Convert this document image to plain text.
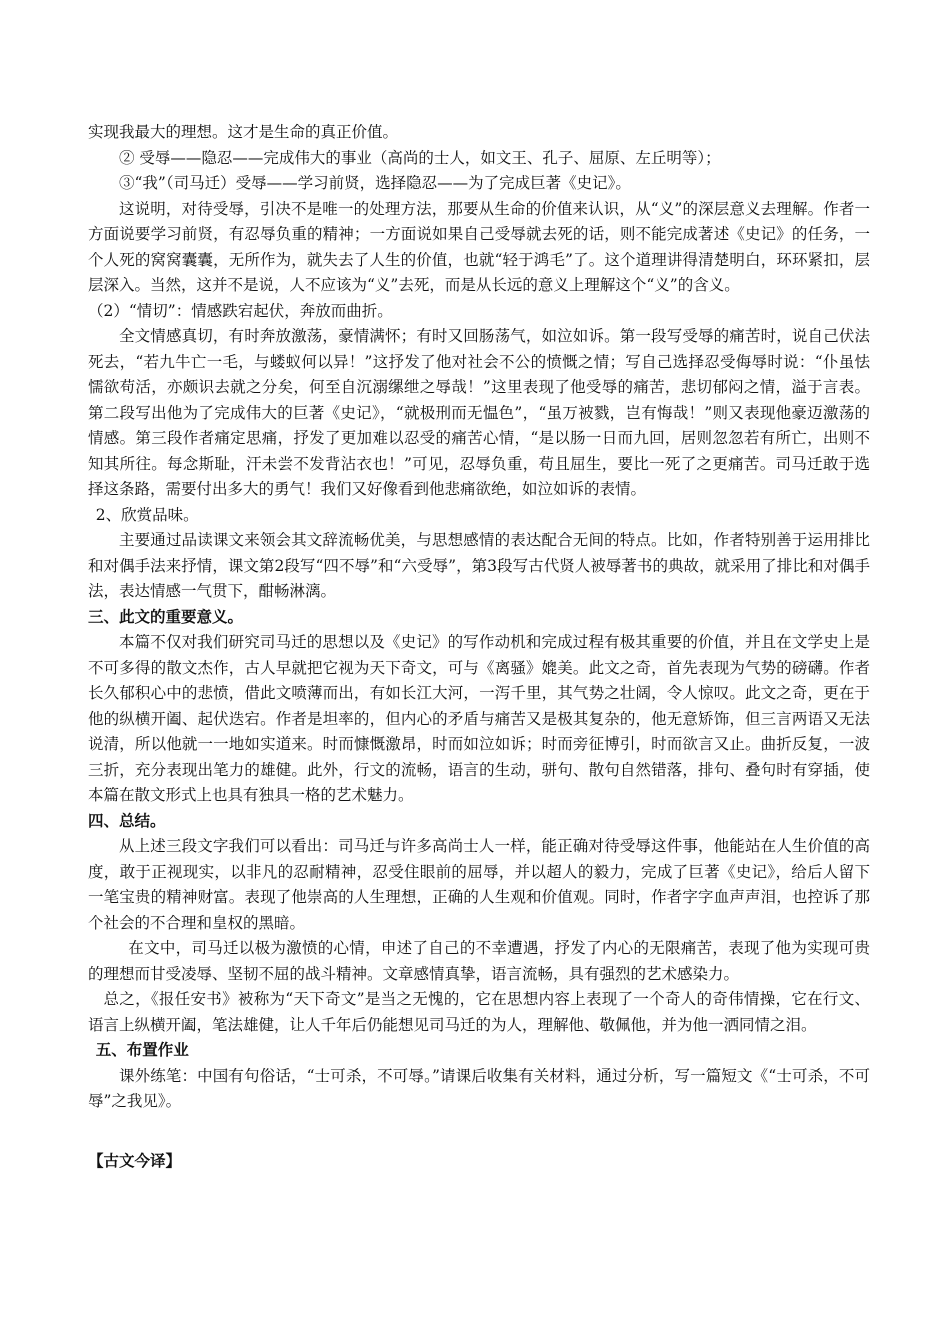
实现我最大的理想。这才是生命的真正价值。

② 受辱——隐忍——完成伟大的事业（高尚的士人，如文王、孔子、屈原、左丘明等）；

③“我”（司马迁）受辱——学习前贤，选择隐忍——为了完成巨著《史记》。

这说明，对待受辱，引决不是唯一的处理方法，那要从生命的价值来认识，从“义”的深层意义去理解。作者一方面说要学习前贤，有忍辱负重的精神；一方面说如果自己受辱就去死的话，则不能完成著述《史记》的任务，一个人死的窝窝囊囊，无所作为，就失去了人生的价值，也就“轻于鸿毛”了。这个道理讲得清楚明白，环环紧扣，层层深入。当然，这并不是说，人不应该为“义”去死，而是从长远的意义上理解这个“义”的含义。

（2）“情切”：情感跌宕起伏，奔放而曲折。

全文情感真切，有时奔放激荡，豪情满怀；有时又回肠荡气，如泣如诉。第一段写受辱的痛苦时，说自己伏法死去，“若九牛亡一毛，与蝼蚁何以异！”这抒发了他对社会不公的愤慨之情；写自己选择忍受侮辱时说：“仆虽怯懦欲苟活，亦颇识去就之分矣，何至自沉溺缧绁之辱哉！”这里表现了他受辱的痛苦，悲切郁闷之情，溢于言表。第二段写出他为了完成伟大的巨著《史记》，“就极刑而无愠色”，“虽万被戮，岂有悔哉！”则又表现他豪迈激荡的情感。第三段作者痛定思痛，抒发了更加难以忍受的痛苦心情，“是以肠一日而九回，居则忽忽若有所亡，出则不知其所往。每念斯耻，汗未尝不发背沾衣也！”可见，忍辱负重，苟且屈生，要比一死了之更痛苦。司马迁敢于选择这条路，需要付出多大的勇气！我们又好像看到他悲痛欲绝，如泣如诉的表情。

2、欣赏品味。

主要通过品读课文来领会其文辞流畅优美，与思想感情的表达配合无间的特点。比如，作者特别善于运用排比和对偶手法来抒情，课文第2段写“四不辱”和“六受辱”，第3段写古代贤人被辱著书的典故，就采用了排比和对偶手法，表达情感一气贯下，酣畅淋漓。

三、此文的重要意义。

本篇不仅对我们研究司马迁的思想以及《史记》的写作动机和完成过程有极其重要的价值，并且在文学史上是不可多得的散文杰作，古人早就把它视为天下奇文，可与《离骚》媲美。此文之奇，首先表现为气势的磅礴。作者长久郁积心中的悲愤，借此文喷薄而出，有如长江大河，一泻千里，其气势之壮阔，令人惊叹。此文之奇，更在于他的纵横开阖、起伏迭宕。作者是坦率的，但内心的矛盾与痛苦又是极其复杂的，他无意矫饰，但三言两语又无法说清，所以他就一一地如实道来。时而慷慨激昂，时而如泣如诉；时而旁征博引，时而欲言又止。曲折反复，一波三折，充分表现出笔力的雄健。此外，行文的流畅，语言的生动，骈句、散句自然错落，排句、叠句时有穿插，使本篇在散文形式上也具有独具一格的艺术魅力。

四、总结。

从上述三段文字我们可以看出：司马迁与许多高尚士人一样，能正确对待受辱这件事，他能站在人生价值的高度，敢于正视现实，以非凡的忍耐精神，忍受住眼前的屈辱，并以超人的毅力，完成了巨著《史记》，给后人留下一笔宝贵的精神财富。表现了他崇高的人生理想，正确的人生观和价值观。同时，作者字字血声声泪，也控诉了那个社会的不合理和皇权的黑暗。

在文中，司马迁以极为激愤的心情，申述了自己的不幸遭遇，抒发了内心的无限痛苦，表现了他为实现可贵的理想而甘受凌辱、坚韧不屈的战斗精神。文章感情真挚，语言流畅，具有强烈的艺术感染力。

总之，《报任安书》被称为“天下奇文”是当之无愧的，它在思想内容上表现了一个奇人的奇伟情操，它在行文、语言上纵横开阖，笔法雄健，让人千年后仍能想见司马迁的为人，理解他、敬佩他，并为他一洒同情之泪。

五、布置作业

课外练笔：中国有句俗话，“士可杀，不可辱。”请课后收集有关材料，通过分析，写一篇短文《“士可杀，不可辱”之我见》。

【古文今译】
